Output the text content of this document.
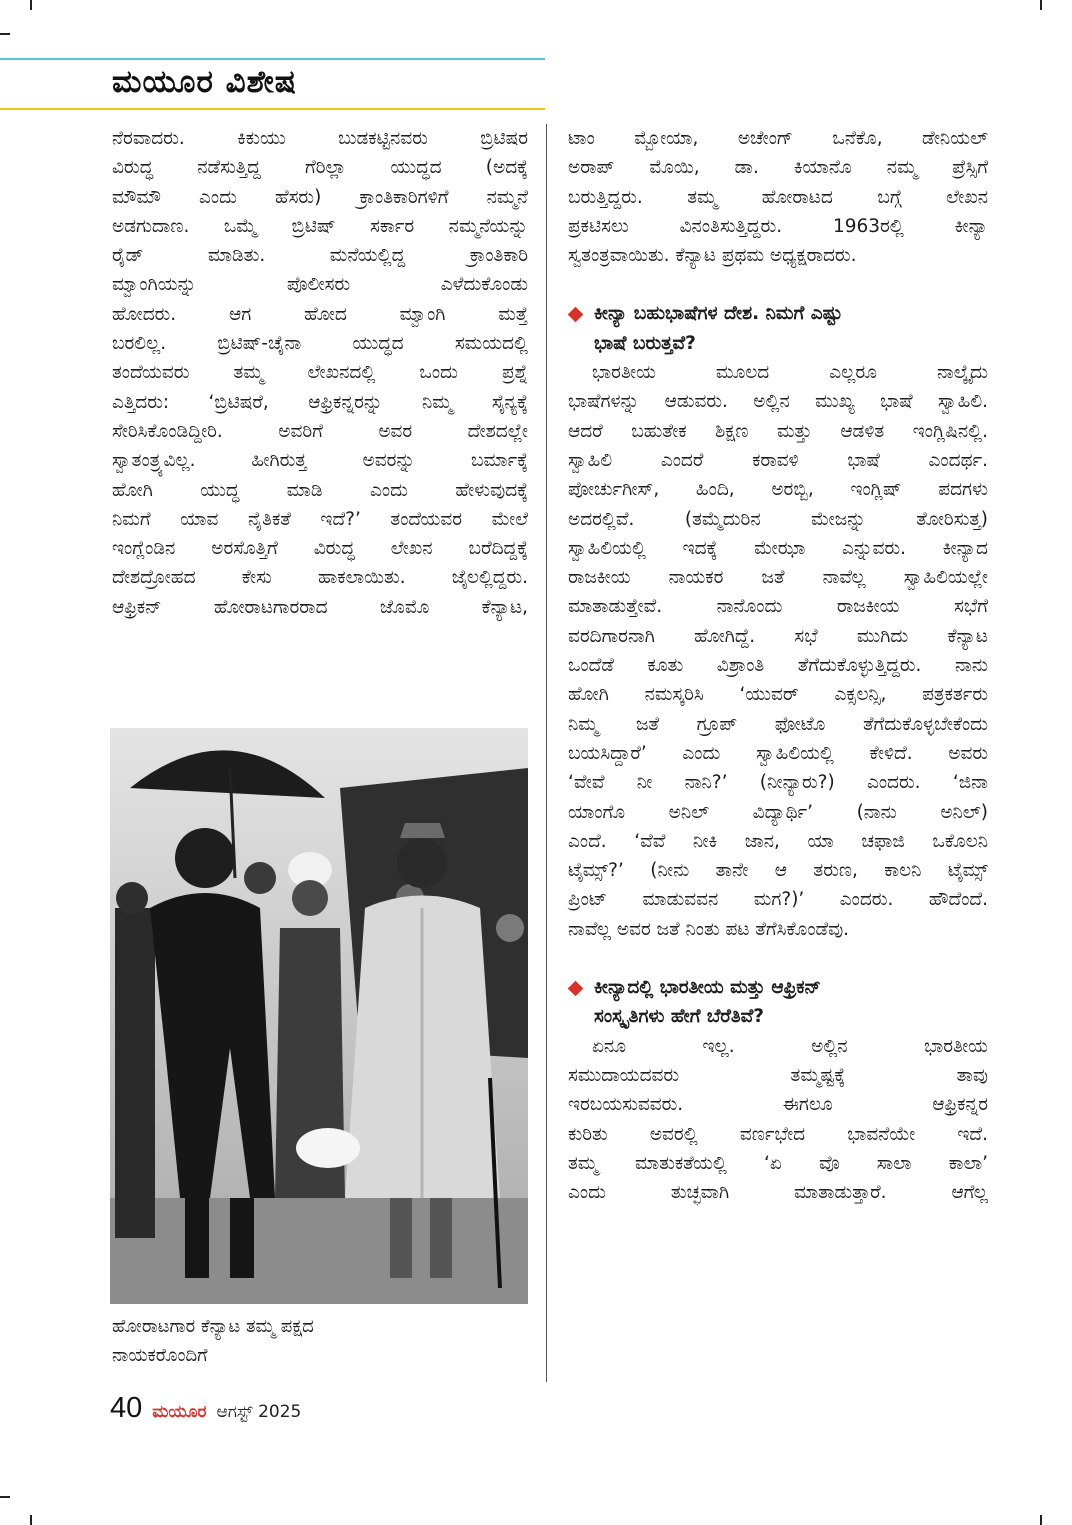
ಮಯೂರ ವಿಶೇಷ

ನೆರವಾದರು. ಕಿಕುಯು ಬುಡಕಟ್ಟಿನವರು ಬ್ರಿಟಿಷರ

ವಿರುದ್ಧ ನಡೆಸುತ್ತಿದ್ದ ಗೆರಿಲ್ಲಾ ಯುದ್ಧದ (ಅದಕ್ಕೆ

ಮೌಮೌ ಎಂದು ಹೆಸರು) ಕ್ರಾಂತಿಕಾರಿಗಳಿಗೆ ನಮ್ಮನೆ

ಅಡಗುದಾಣ. ಒಮ್ಮೆ ಬ್ರಿಟಿಷ್ ಸರ್ಕಾರ ನಮ್ಮನೆಯನ್ನು

ರೈಡ್ ಮಾಡಿತು. ಮನೆಯಲ್ಲಿದ್ದ ಕ್ರಾಂತಿಕಾರಿ

ಮ್ವಾಂಗಿಯನ್ನು ಪೊಲೀಸರು ಎಳೆದುಕೊಂಡು

ಹೋದರು. ಆಗ ಹೋದ ಮ್ವಾಂಗಿ ಮತ್ತೆ

ಬರಲಿಲ್ಲ. ಬ್ರಿಟಿಷ್-ಚೈನಾ ಯುದ್ಧದ ಸಮಯದಲ್ಲಿ

ತಂದೆಯವರು ತಮ್ಮ ಲೇಖನದಲ್ಲಿ ಒಂದು ಪ್ರಶ್ನೆ

ಎತ್ತಿದರು: ‘ಬ್ರಿಟಿಷರೆ, ಆಫ್ರಿಕನ್ನರನ್ನು ನಿಮ್ಮ ಸೈನ್ಯಕ್ಕೆ

ಸೇರಿಸಿಕೊಂಡಿದ್ದೀರಿ. ಅವರಿಗೆ ಅವರ ದೇಶದಲ್ಲೇ

ಸ್ವಾತಂತ್ರ್ಯವಿಲ್ಲ. ಹೀಗಿರುತ್ತ ಅವರನ್ನು ಬರ್ಮಾಕ್ಕೆ

ಹೋಗಿ ಯುದ್ಧ ಮಾಡಿ ಎಂದು ಹೇಳುವುದಕ್ಕೆ

ನಿಮಗೆ ಯಾವ ನೈತಿಕತೆ ಇದೆ?’ ತಂದೆಯವರ ಮೇಲೆ

ಇಂಗ್ಲೆಂಡಿನ ಅರಸೊತ್ತಿಗೆ ವಿರುದ್ಧ ಲೇಖನ ಬರೆದಿದ್ದಕ್ಕೆ

ದೇಶದ್ರೋಹದ ಕೇಸು ಹಾಕಲಾಯಿತು. ಜೈಲಲ್ಲಿದ್ದರು.

ಆಫ್ರಿಕನ್ ಹೋರಾಟಗಾರರಾದ ಜೊಮೊ ಕೆನ್ಯಾಟ,

ಹೋರಾಟಗಾರ ಕೆನ್ಯಾಟ ತಮ್ಮ ಪಕ್ಷದ
ನಾಯಕರೊಂದಿಗೆ

ಟಾಂ ಮ್ಬೋಯಾ, ಅಚೇಂಗ್ ಒನೆಕೊ, ಡೇನಿಯಲ್

ಅರಾಪ್ ಮೊಯಿ, ಡಾ. ಕಿಯಾನೊ ನಮ್ಮ ಪ್ರೆಸ್ಸಿಗೆ

ಬರುತ್ತಿದ್ದರು. ತಮ್ಮ ಹೋರಾಟದ ಬಗ್ಗೆ ಲೇಖನ

ಪ್ರಕಟಿಸಲು ವಿನಂತಿಸುತ್ತಿದ್ದರು. 1963ರಲ್ಲಿ ಕೀನ್ಯಾ

ಸ್ವತಂತ್ರವಾಯಿತು. ಕೆನ್ಯಾಟ ಪ್ರಥಮ ಅಧ್ಯಕ್ಷರಾದರು.

ಕೀನ್ಯಾ ಬಹುಭಾಷೆಗಳ ದೇಶ. ನಿಮಗೆ ಎಷ್ಟು
ಭಾಷೆ ಬರುತ್ತವೆ?

ಭಾರತೀಯ ಮೂಲದ ಎಲ್ಲರೂ ನಾಲ್ಕೈದು

ಭಾಷೆಗಳನ್ನು ಆಡುವರು. ಅಲ್ಲಿನ ಮುಖ್ಯ ಭಾಷೆ ಸ್ವಾಹಿಲಿ.

ಆದರೆ ಬಹುತೇಕ ಶಿಕ್ಷಣ ಮತ್ತು ಆಡಳಿತ ಇಂಗ್ಲಿಷಿನಲ್ಲಿ.

ಸ್ವಾಹಿಲಿ ಎಂದರೆ ಕರಾವಳಿ ಭಾಷೆ ಎಂದರ್ಥ.

ಪೋರ್ಚುಗೀಸ್, ಹಿಂದಿ, ಅರಬ್ಬಿ, ಇಂಗ್ಲಿಷ್ ಪದಗಳು

ಅದರಲ್ಲಿವೆ. (ತಮ್ಮೆದುರಿನ ಮೇಜನ್ನು ತೋರಿಸುತ್ತ)

ಸ್ವಾಹಿಲಿಯಲ್ಲಿ ಇದಕ್ಕೆ ಮೇಝಾ ಎನ್ನುವರು. ಕೀನ್ಯಾದ

ರಾಜಕೀಯ ನಾಯಕರ ಜತೆ ನಾವೆಲ್ಲ ಸ್ವಾಹಿಲಿಯಲ್ಲೇ

ಮಾತಾಡುತ್ತೇವೆ. ನಾನೊಂದು ರಾಜಕೀಯ ಸಭೆಗೆ

ವರದಿಗಾರನಾಗಿ ಹೋಗಿದ್ದೆ. ಸಭೆ ಮುಗಿದು ಕೆನ್ಯಾಟ

ಒಂದೆಡೆ ಕೂತು ವಿಶ್ರಾಂತಿ ತೆಗೆದುಕೊಳ್ಳುತ್ತಿದ್ದರು. ನಾನು

ಹೋಗಿ ನಮಸ್ಕರಿಸಿ ‘ಯುವರ್ ಎಕ್ಸಲನ್ಸಿ, ಪತ್ರಕರ್ತರು

ನಿಮ್ಮ ಜತೆ ಗ್ರೂಪ್ ಫೋಟೊ ತೆಗೆದುಕೊಳ್ಳಬೇಕೆಂದು

ಬಯಸಿದ್ದಾರೆ’ ಎಂದು ಸ್ವಾಹಿಲಿಯಲ್ಲಿ ಕೇಳಿದೆ. ಅವರು

‘ವೇವೆ ನೀ ನಾನಿ?’ (ನೀನ್ಯಾರು?) ಎಂದರು. ‘ಜಿನಾ

ಯಾಂಗೊ ಅನಿಲ್ ವಿದ್ಯಾರ್ಥಿ’ (ನಾನು ಅನಿಲ್)

ಎಂದೆ. ‘ವೆವೆ ನೀಕಿ ಜಾನ, ಯಾ ಚಫಾಜಿ ಒಕೊಲನಿ

ಟೈಮ್ಸ್?’ (ನೀನು ತಾನೇ ಆ ತರುಣ, ಕಾಲನಿ ಟೈಮ್ಸ್

ಪ್ರಿಂಟ್ ಮಾಡುವವನ ಮಗ?)’ ಎಂದರು. ಹೌದೆಂದೆ.

ನಾವೆಲ್ಲ ಅವರ ಜತೆ ನಿಂತು ಪಟ ತೆಗೆಸಿಕೊಂಡೆವು.

ಕೀನ್ಯಾದಲ್ಲಿ ಭಾರತೀಯ ಮತ್ತು ಆಫ್ರಿಕನ್
ಸಂಸ್ಕೃತಿಗಳು ಹೇಗೆ ಬೆರೆತಿವೆ?

ಏನೂ ಇಲ್ಲ. ಅಲ್ಲಿನ ಭಾರತೀಯ

ಸಮುದಾಯದವರು ತಮ್ಮಷ್ಟಕ್ಕೆ ತಾವು

ಇರಬಯಸುವವರು. ಈಗಲೂ ಆಫ್ರಿಕನ್ನರ

ಕುರಿತು ಅವರಲ್ಲಿ ವರ್ಣಭೇದ ಭಾವನೆಯೇ ಇದೆ.

ತಮ್ಮ ಮಾತುಕತೆಯಲ್ಲಿ ‘ಏ ವೊ ಸಾಲಾ ಕಾಲಾ’

ಎಂದು ತುಚ್ಛವಾಗಿ ಮಾತಾಡುತ್ತಾರೆ. ಆಗೆಲ್ಲ

40 ಮಯೂರ ಆಗಸ್ಟ್ 2025
